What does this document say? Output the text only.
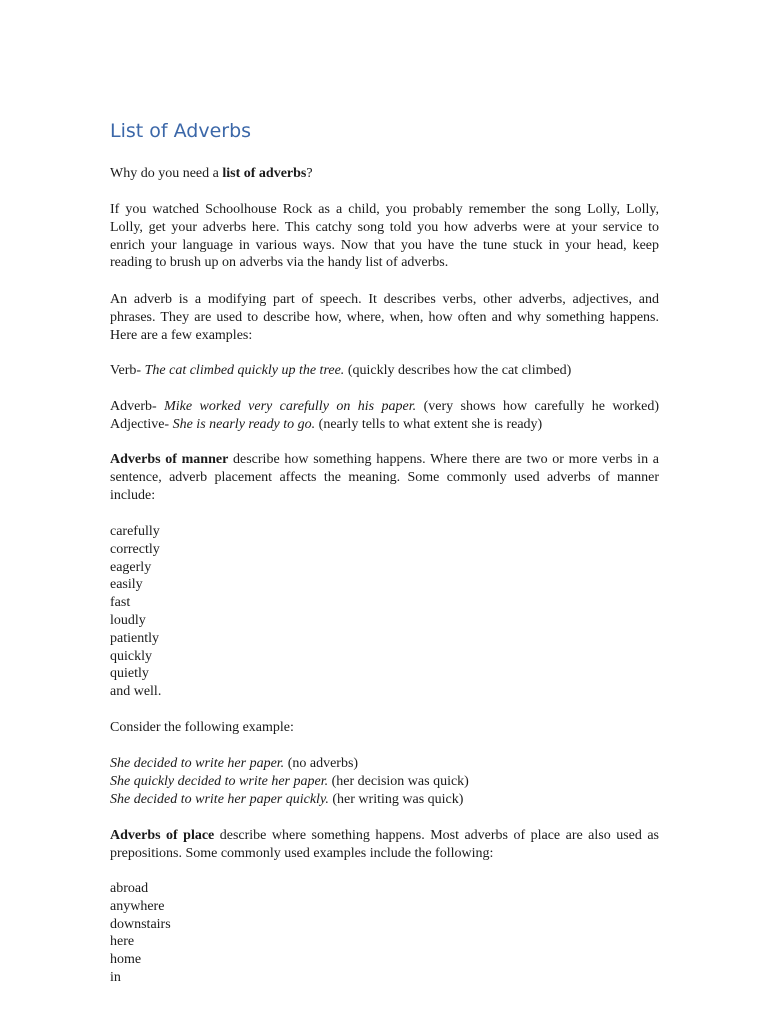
List of Adverbs

Why do you need a list of adverbs?

If you watched Schoolhouse Rock as a child, you probably remember the song Lolly, Lolly, Lolly, get your adverbs here. This catchy song told you how adverbs were at your service to enrich your language in various ways. Now that you have the tune stuck in your head, keep reading to brush up on adverbs via the handy list of adverbs.

An adverb is a modifying part of speech. It describes verbs, other adverbs, adjectives, and phrases. They are used to describe how, where, when, how often and why something happens. Here are a few examples:

Verb- The cat climbed quickly up the tree. (quickly describes how the cat climbed)

Adverb- Mike worked very carefully on his paper. (very shows how carefully he worked) Adjective- She is nearly ready to go. (nearly tells to what extent she is ready)

Adverbs of manner describe how something happens. Where there are two or more verbs in a sentence, adverb placement affects the meaning. Some commonly used adverbs of manner include:

carefully
correctly
eagerly
easily
fast
loudly
patiently
quickly
quietly
and well.

Consider the following example:

She decided to write her paper. (no adverbs)

She quickly decided to write her paper. (her decision was quick)

She decided to write her paper quickly. (her writing was quick)

Adverbs of place describe where something happens. Most adverbs of place are also used as prepositions. Some commonly used examples include the following:

abroad
anywhere
downstairs
here
home
in
